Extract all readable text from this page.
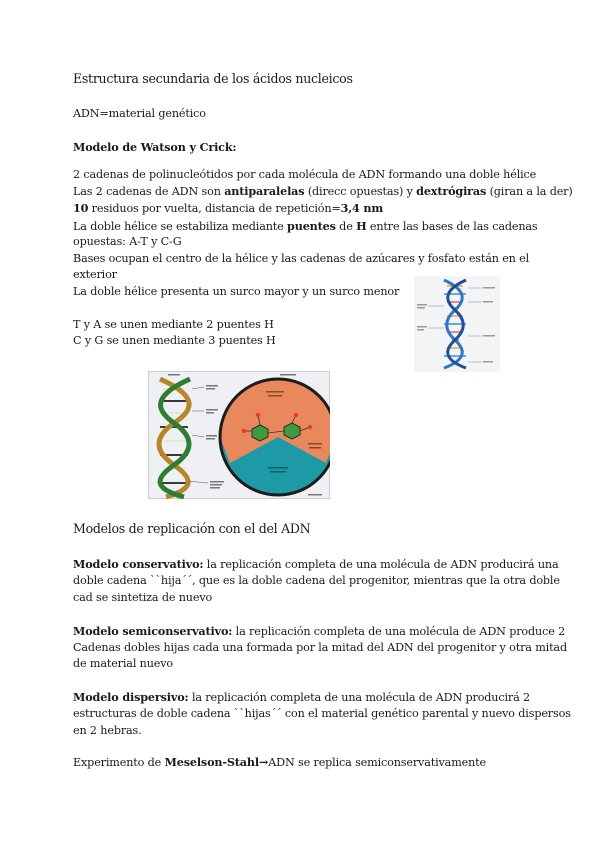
Estructura secundaria de los ácidos nucleicos
ADN=material genético
Modelo de Watson y Crick:
2 cadenas de polinucleótidos por cada molécula de ADN formando una doble hélice
Las 2 cadenas de ADN son antiparalelas (direcc opuestas) y dextrógiras (giran a la der)
10 residuos por vuelta, distancia de repetición=3,4 nm
La doble hélice se estabiliza mediante puentes de H entre las bases de las cadenas
opuestas: A-T y C-G
Bases ocupan el centro de la hélice y las cadenas de azúcares y fosfato están en el
exterior
La doble hélice presenta un surco mayor y un surco menor
T y A se unen mediante 2 puentes H
C y G se unen mediante 3 puentes H
Modelos de replicación con el del ADN
Modelo conservativo: la replicación completa de una molécula de ADN producirá una
doble cadena ``hija´´, que es la doble cadena del progenitor, mientras que la otra doble
cad se sintetiza de nuevo
Modelo semiconservativo: la replicación completa de una molécula de ADN produce 2
Cadenas dobles hijas cada una formada por la mitad del ADN del progenitor y otra mitad
de material nuevo
Modelo dispersivo: la replicación completa de una molécula de ADN producirá 2
estructuras de doble cadena ``hijas´´ con el material genético parental y nuevo dispersos
en 2 hebras.
Experimento de Meselson-Stahl→ADN se replica semiconservativamente
